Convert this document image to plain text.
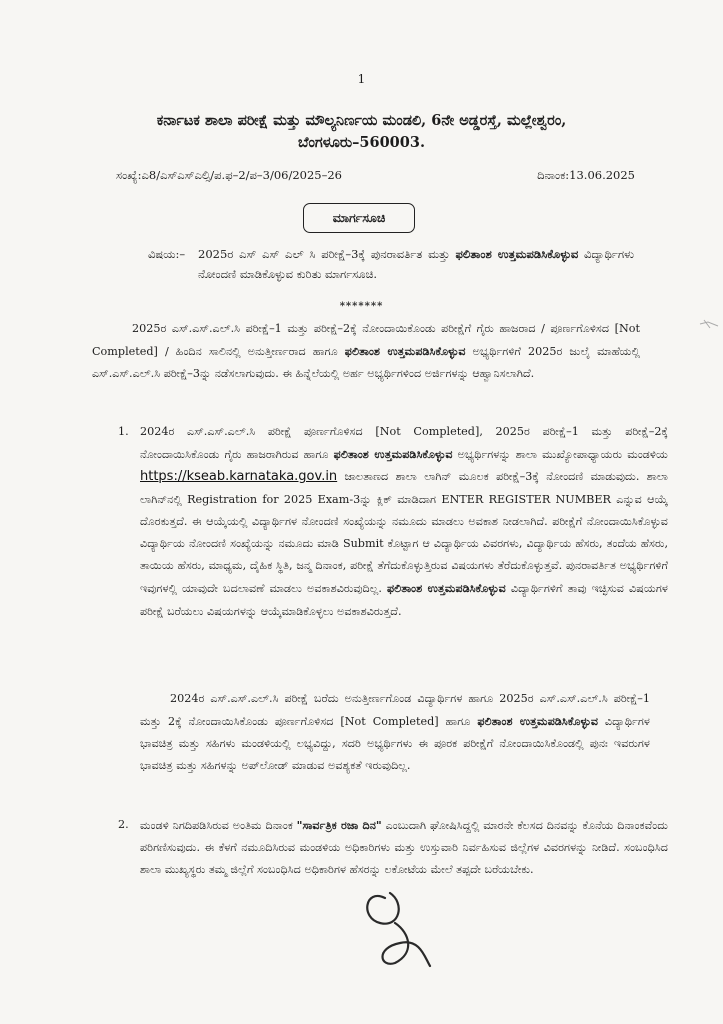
1
ಕರ್ನಾಟಕ ಶಾಲಾ ಪರೀಕ್ಷೆ ಮತ್ತು ಮೌಲ್ಯನಿರ್ಣಯ ಮಂಡಲಿ, 6ನೇ ಅಡ್ಡರಸ್ತೆ, ಮಲ್ಲೇಶ್ವರಂ,
ಬೆಂಗಳೂರು–560003.
ಸಂಖ್ಯೆ:ಎ8/ಎಸ್ಎಸ್ಎಲ್ಸಿ/ಪ.ಫ–2/ಪ–3/06/2025–26	ದಿನಾಂಕ:13.06.2025
ಮಾರ್ಗಸೂಚಿ
ವಿಷಯ:– 2025ರ ಎಸ್ ಎಸ್ ಎಲ್ ಸಿ ಪರೀಕ್ಷೆ–3ಕ್ಕೆ ಪುನರಾವರ್ತಿತ ಮತ್ತು ಫಲಿತಾಂಶ ಉತ್ತಮಪಡಿಸಿಕೊಳ್ಳುವ ವಿದ್ಯಾರ್ಥಿಗಳು ನೋಂದಣಿ ಮಾಡಿಕೊಳ್ಳುವ ಕುರಿತು ಮಾರ್ಗಸೂಚಿ.
*******
2025ರ ಎಸ್.ಎಸ್.ಎಲ್.ಸಿ ಪರೀಕ್ಷೆ–1 ಮತ್ತು ಪರೀಕ್ಷೆ–2ಕ್ಕೆ ನೋಂದಾಯಿಕೊಂಡು ಪರೀಕ್ಷೆಗೆ ಗೈರು ಹಾಜರಾದ / ಪೂರ್ಣಗೊಳಿಸದ [Not Completed] / ಹಿಂದಿನ ಸಾಲಿನಲ್ಲಿ ಅನುತ್ತೀರ್ಣರಾದ ಹಾಗೂ ಫಲಿತಾಂಶ ಉತ್ತಮಪಡಿಸಿಕೊಳ್ಳುವ ಅಭ್ಯರ್ಥಿಗಳಿಗೆ 2025ರ ಜುಲೈ ಮಾಹೆಯಲ್ಲಿ ಎಸ್.ಎಸ್.ಎಲ್.ಸಿ ಪರೀಕ್ಷೆ–3ನ್ನು ನಡೆಸಲಾಗುವುದು. ಈ ಹಿನ್ನೆಲೆಯಲ್ಲಿ ಅರ್ಹ ಅಭ್ಯರ್ಥಿಗಳಿಂದ ಅರ್ಜಿಗಳನ್ನು ಆಹ್ವಾನಿಸಲಾಗಿದೆ.
1. 2024ರ ಎಸ್.ಎಸ್.ಎಲ್.ಸಿ ಪರೀಕ್ಷೆ ಪೂರ್ಣಗೊಳಿಸದ [Not Completed], 2025ರ ಪರೀಕ್ಷೆ–1 ಮತ್ತು ಪರೀಕ್ಷೆ–2ಕ್ಕೆ ನೋಂದಾಯಿಸಿಕೊಂಡು ಗೈರು ಹಾಜರಾಗಿರುವ ಹಾಗೂ ಫಲಿತಾಂಶ ಉತ್ತಮಪಡಿಸಿಕೊಳ್ಳುವ ಅಭ್ಯರ್ಥಿಗಳನ್ನು ಶಾಲಾ ಮುಖ್ಯೋಪಾಧ್ಯಾಯರು ಮಂಡಳಿಯ https://kseab.karnataka.gov.in ಜಾಲತಾಣದ ಶಾಲಾ ಲಾಗಿನ್ ಮೂಲಕ ಪರೀಕ್ಷೆ–3ಕ್ಕೆ ನೋಂದಣಿ ಮಾಡುವುದು. ಶಾಲಾ ಲಾಗಿನ್‌ನಲ್ಲಿ Registration for 2025 Exam-3ನ್ನು ಕ್ಲಿಕ್ ಮಾಡಿದಾಗ ENTER REGISTER NUMBER ಎನ್ನುವ ಆಯ್ಕೆ ದೊರಕುತ್ತದೆ. ಈ ಆಯ್ಕೆಯಲ್ಲಿ ವಿದ್ಯಾರ್ಥಿಗಳ ನೋಂದಣಿ ಸಂಖ್ಯೆಯನ್ನು ನಮೂದು ಮಾಡಲು ಅವಕಾಶ ನೀಡಲಾಗಿದೆ. ಪರೀಕ್ಷೆಗೆ ನೋಂದಾಯಿಸಿಕೊಳ್ಳುವ ವಿದ್ಯಾರ್ಥಿಯ ನೋಂದಣಿ ಸಂಖ್ಯೆಯನ್ನು ನಮೂದು ಮಾಡಿ Submit ಕೊಟ್ಟಾಗ ಆ ವಿದ್ಯಾರ್ಥಿಯ ವಿವರಗಳು, ವಿದ್ಯಾರ್ಥಿಯ ಹೆಸರು, ತಂದೆಯ ಹೆಸರು, ತಾಯಿಯ ಹೆಸರು, ಮಾಧ್ಯಮ, ದೈಹಿಕ ಸ್ಥಿತಿ, ಜನ್ಮ ದಿನಾಂಕ, ಪರೀಕ್ಷೆ ತೆಗೆದುಕೊಳ್ಳುತ್ತಿರುವ ವಿಷಯಗಳು ತೆರೆದುಕೊಳ್ಳುತ್ತವೆ. ಪುನರಾವರ್ತಿತ ಅಭ್ಯರ್ಥಿಗಳಿಗೆ ಇವುಗಳಲ್ಲಿ ಯಾವುದೇ ಬದಲಾವಣೆ ಮಾಡಲು ಅವಕಾಶವಿರುವುದಿಲ್ಲ. ಫಲಿತಾಂಶ ಉತ್ತಮಪಡಿಸಿಕೊಳ್ಳುವ ವಿದ್ಯಾರ್ಥಿಗಳಿಗೆ ತಾವು ಇಚ್ಛಿಸುವ ವಿಷಯಗಳ ಪರೀಕ್ಷೆ ಬರೆಯಲು ವಿಷಯಗಳನ್ನು ಆಯ್ಕೆಮಾಡಿಕೊಳ್ಳಲು ಅವಕಾಶವಿರುತ್ತದೆ.
2024ರ ಎಸ್.ಎಸ್.ಎಲ್.ಸಿ ಪರೀಕ್ಷೆ ಬರೆದು ಅನುತ್ತೀರ್ಣಗೊಂಡ ವಿದ್ಯಾರ್ಥಿಗಳ ಹಾಗೂ 2025ರ ಎಸ್.ಎಸ್.ಎಲ್.ಸಿ ಪರೀಕ್ಷೆ–1 ಮತ್ತು 2ಕ್ಕೆ ನೋಂದಾಯಿಸಿಕೊಂಡು ಪೂರ್ಣಗೊಳಿಸದ [Not Completed] ಹಾಗೂ ಫಲಿತಾಂಶ ಉತ್ತಮಪಡಿಸಿಕೊಳ್ಳುವ ವಿದ್ಯಾರ್ಥಿಗಳ ಭಾವಚಿತ್ರ ಮತ್ತು ಸಹಿಗಳು ಮಂಡಳಿಯಲ್ಲಿ ಲಭ್ಯವಿದ್ದು, ಸದರಿ ಅಭ್ಯರ್ಥಿಗಳು ಈ ಪೂರಕ ಪರೀಕ್ಷೆಗೆ ನೋಂದಾಯಿಸಿಕೊಂಡಲ್ಲಿ ಪುನಃ ಇವರುಗಳ ಭಾವಚಿತ್ರ ಮತ್ತು ಸಹಿಗಳನ್ನು ಅಪ್‌ಲೋಡ್ ಮಾಡುವ ಅವಶ್ಯಕತೆ ಇರುವುದಿಲ್ಲ.
2. ಮಂಡಳಿ ನಿಗದಿಪಡಿಸಿರುವ ಅಂತಿಮ ದಿನಾಂಕ "ಸಾರ್ವತ್ರಿಕ ರಜಾ ದಿನ" ಎಂಬುದಾಗಿ ಘೋಷಿಸಿದ್ದಲ್ಲಿ ಮಾರನೇ ಕೆಲಸದ ದಿನವನ್ನು ಕೊನೆಯ ದಿನಾಂಕವೆಂದು ಪರಿಗಣಿಸುವುದು. ಈ ಕೆಳಗೆ ನಮೂದಿಸಿರುವ ಮಂಡಳಿಯ ಅಧಿಕಾರಿಗಳು ಮತ್ತು ಉಸ್ತುವಾರಿ ನಿರ್ವಹಿಸುವ ಜಿಲ್ಲೆಗಳ ವಿವರಗಳನ್ನು ನೀಡಿದೆ. ಸಂಬಂಧಿಸಿದ ಶಾಲಾ ಮುಖ್ಯಸ್ಥರು ತಮ್ಮ ಜಿಲ್ಲೆಗೆ ಸಂಬಂಧಿಸಿದ ಅಧಿಕಾರಿಗಳ ಹೆಸರನ್ನು ಲಕೋಟೆಯ ಮೇಲೆ ತಪ್ಪದೇ ಬರೆಯಬೇಕು.
